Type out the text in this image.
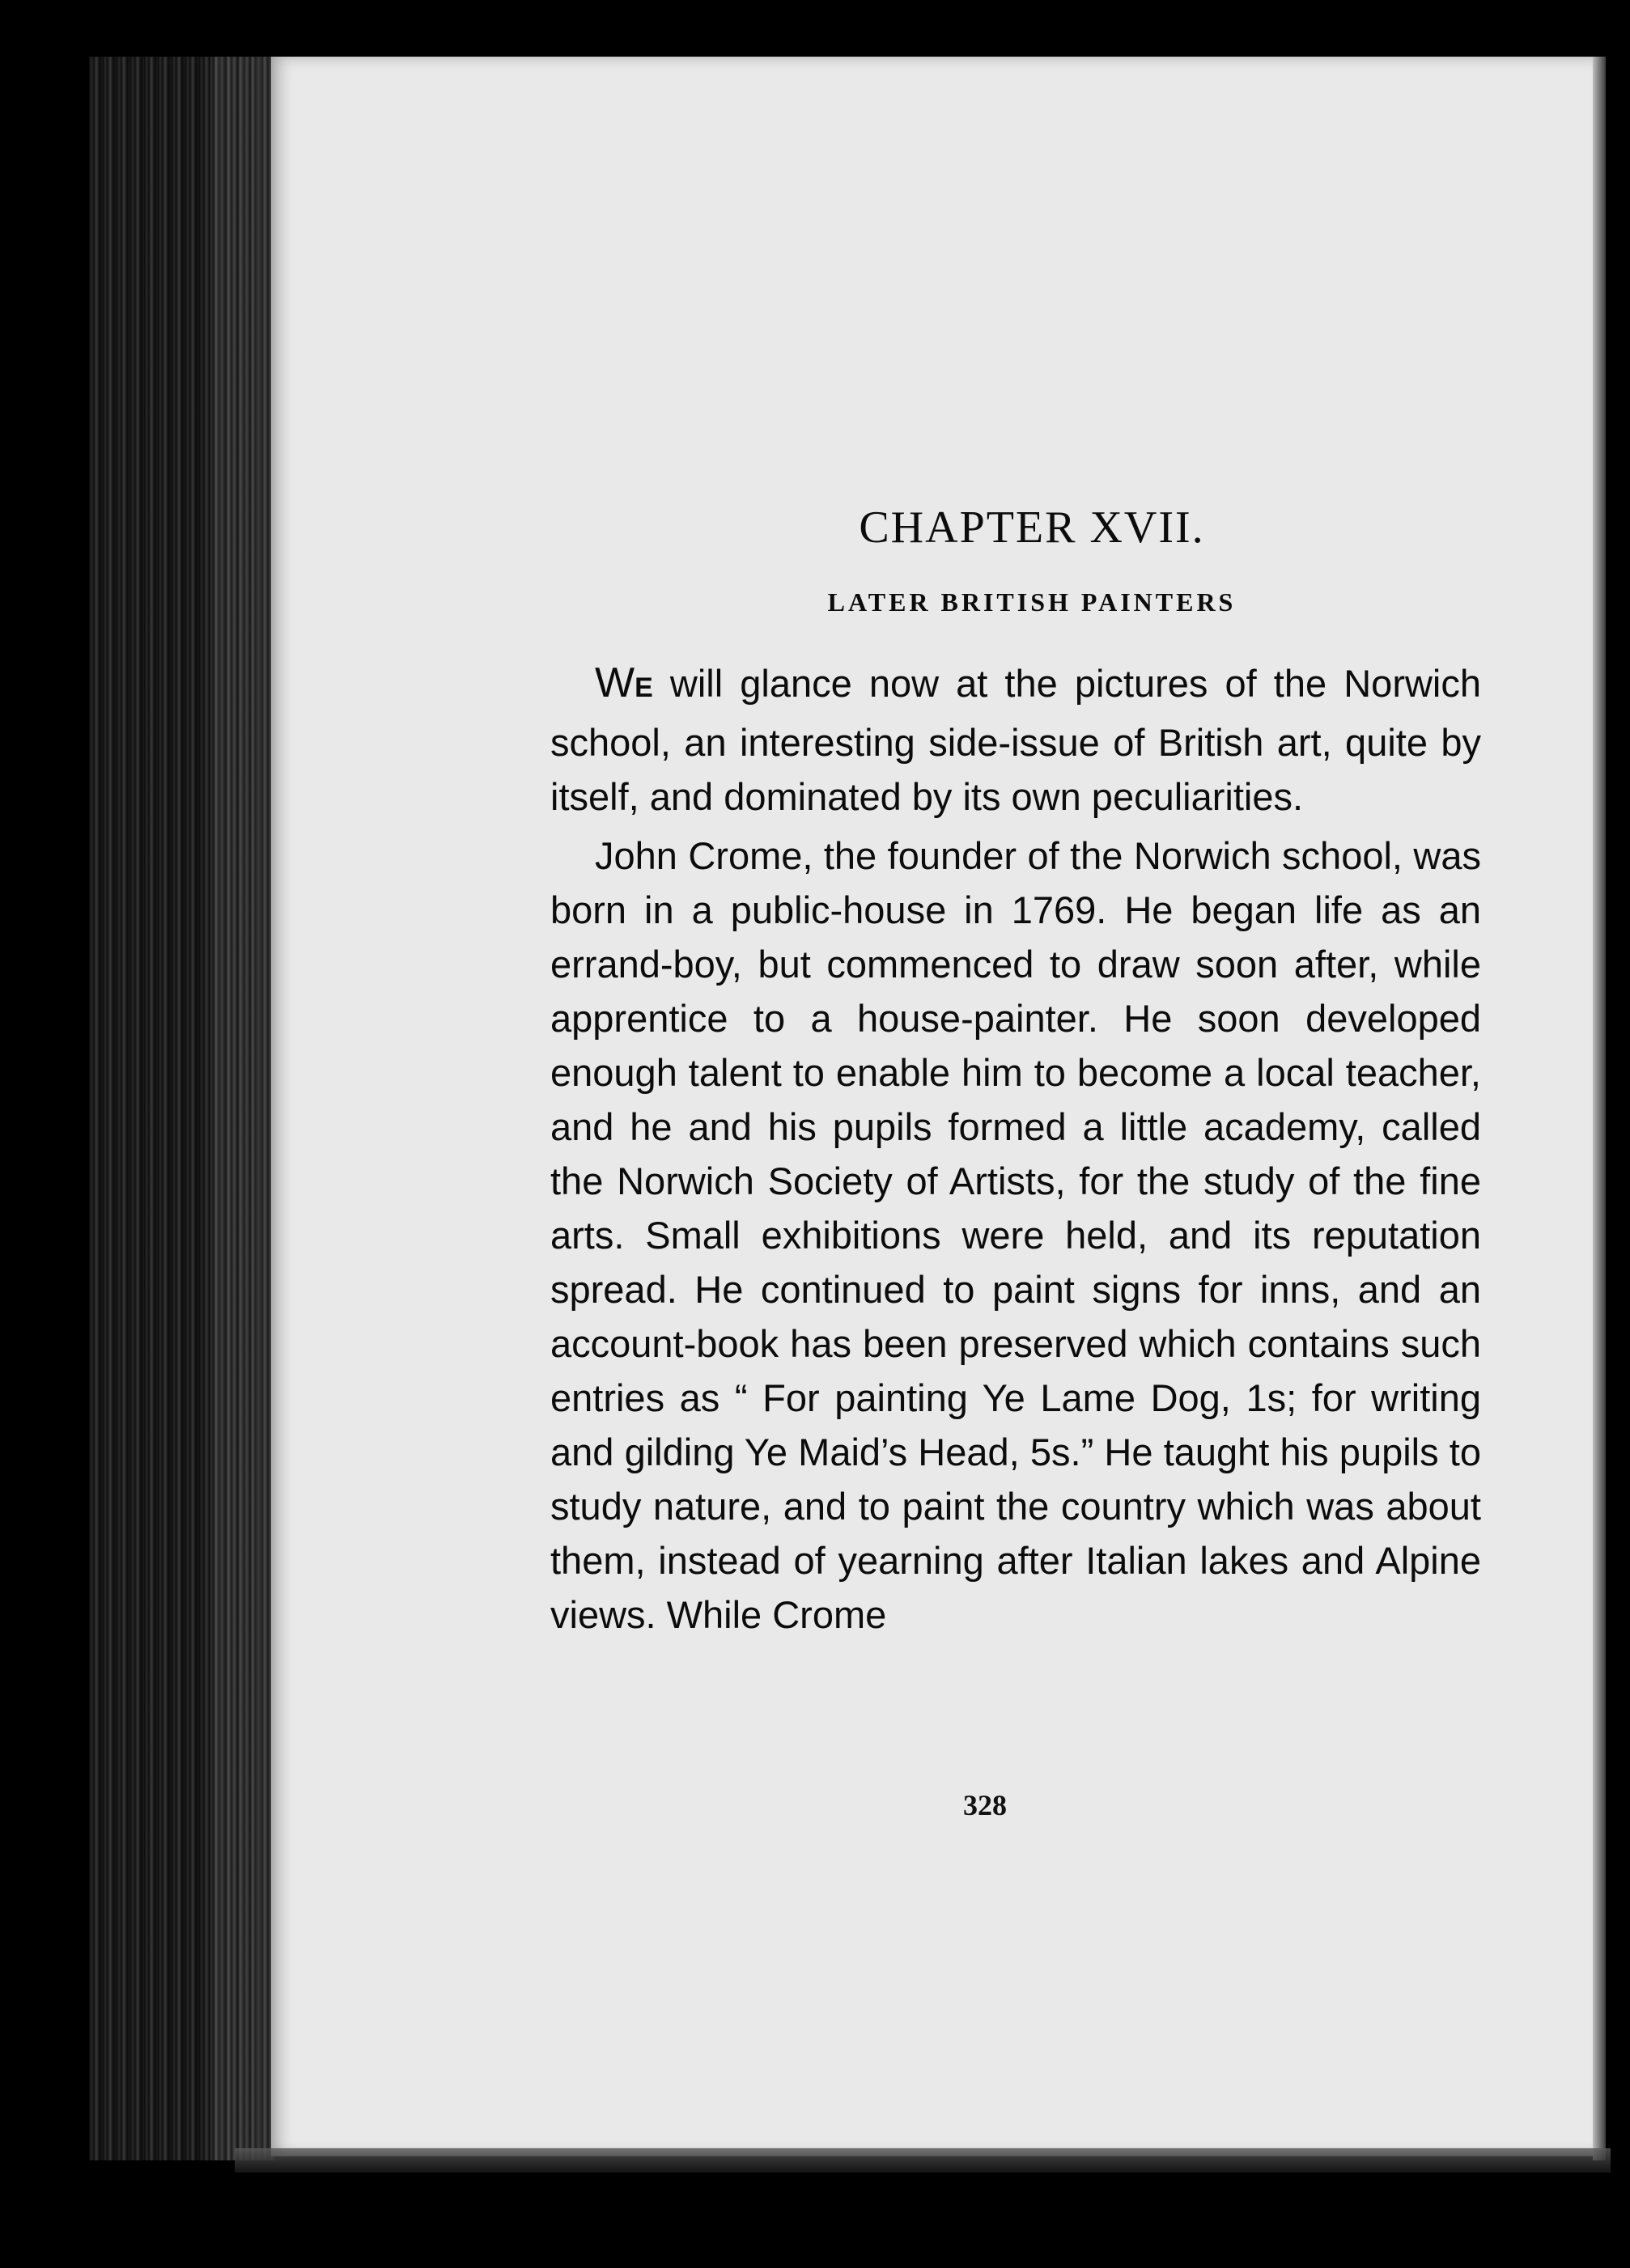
CHAPTER XVII.
LATER BRITISH PAINTERS

WE will glance now at the pictures of the Norwich school, an interesting side-issue of British art, quite by itself, and dominated by its own peculiarities.

John Crome, the founder of the Norwich school, was born in a public-house in 1769. He began life as an errand-boy, but commenced to draw soon after, while apprentice to a house-painter. He soon developed enough talent to enable him to become a local teacher, and he and his pupils formed a little academy, called the Norwich Society of Artists, for the study of the fine arts. Small exhibitions were held, and its reputation spread. He continued to paint signs for inns, and an account-book has been preserved which contains such entries as “ For painting Ye Lame Dog, 1s; for writing and gilding Ye Maid’s Head, 5s.” He taught his pupils to study nature, and to paint the country which was about them, instead of yearning after Italian lakes and Alpine views. While Crome

328
